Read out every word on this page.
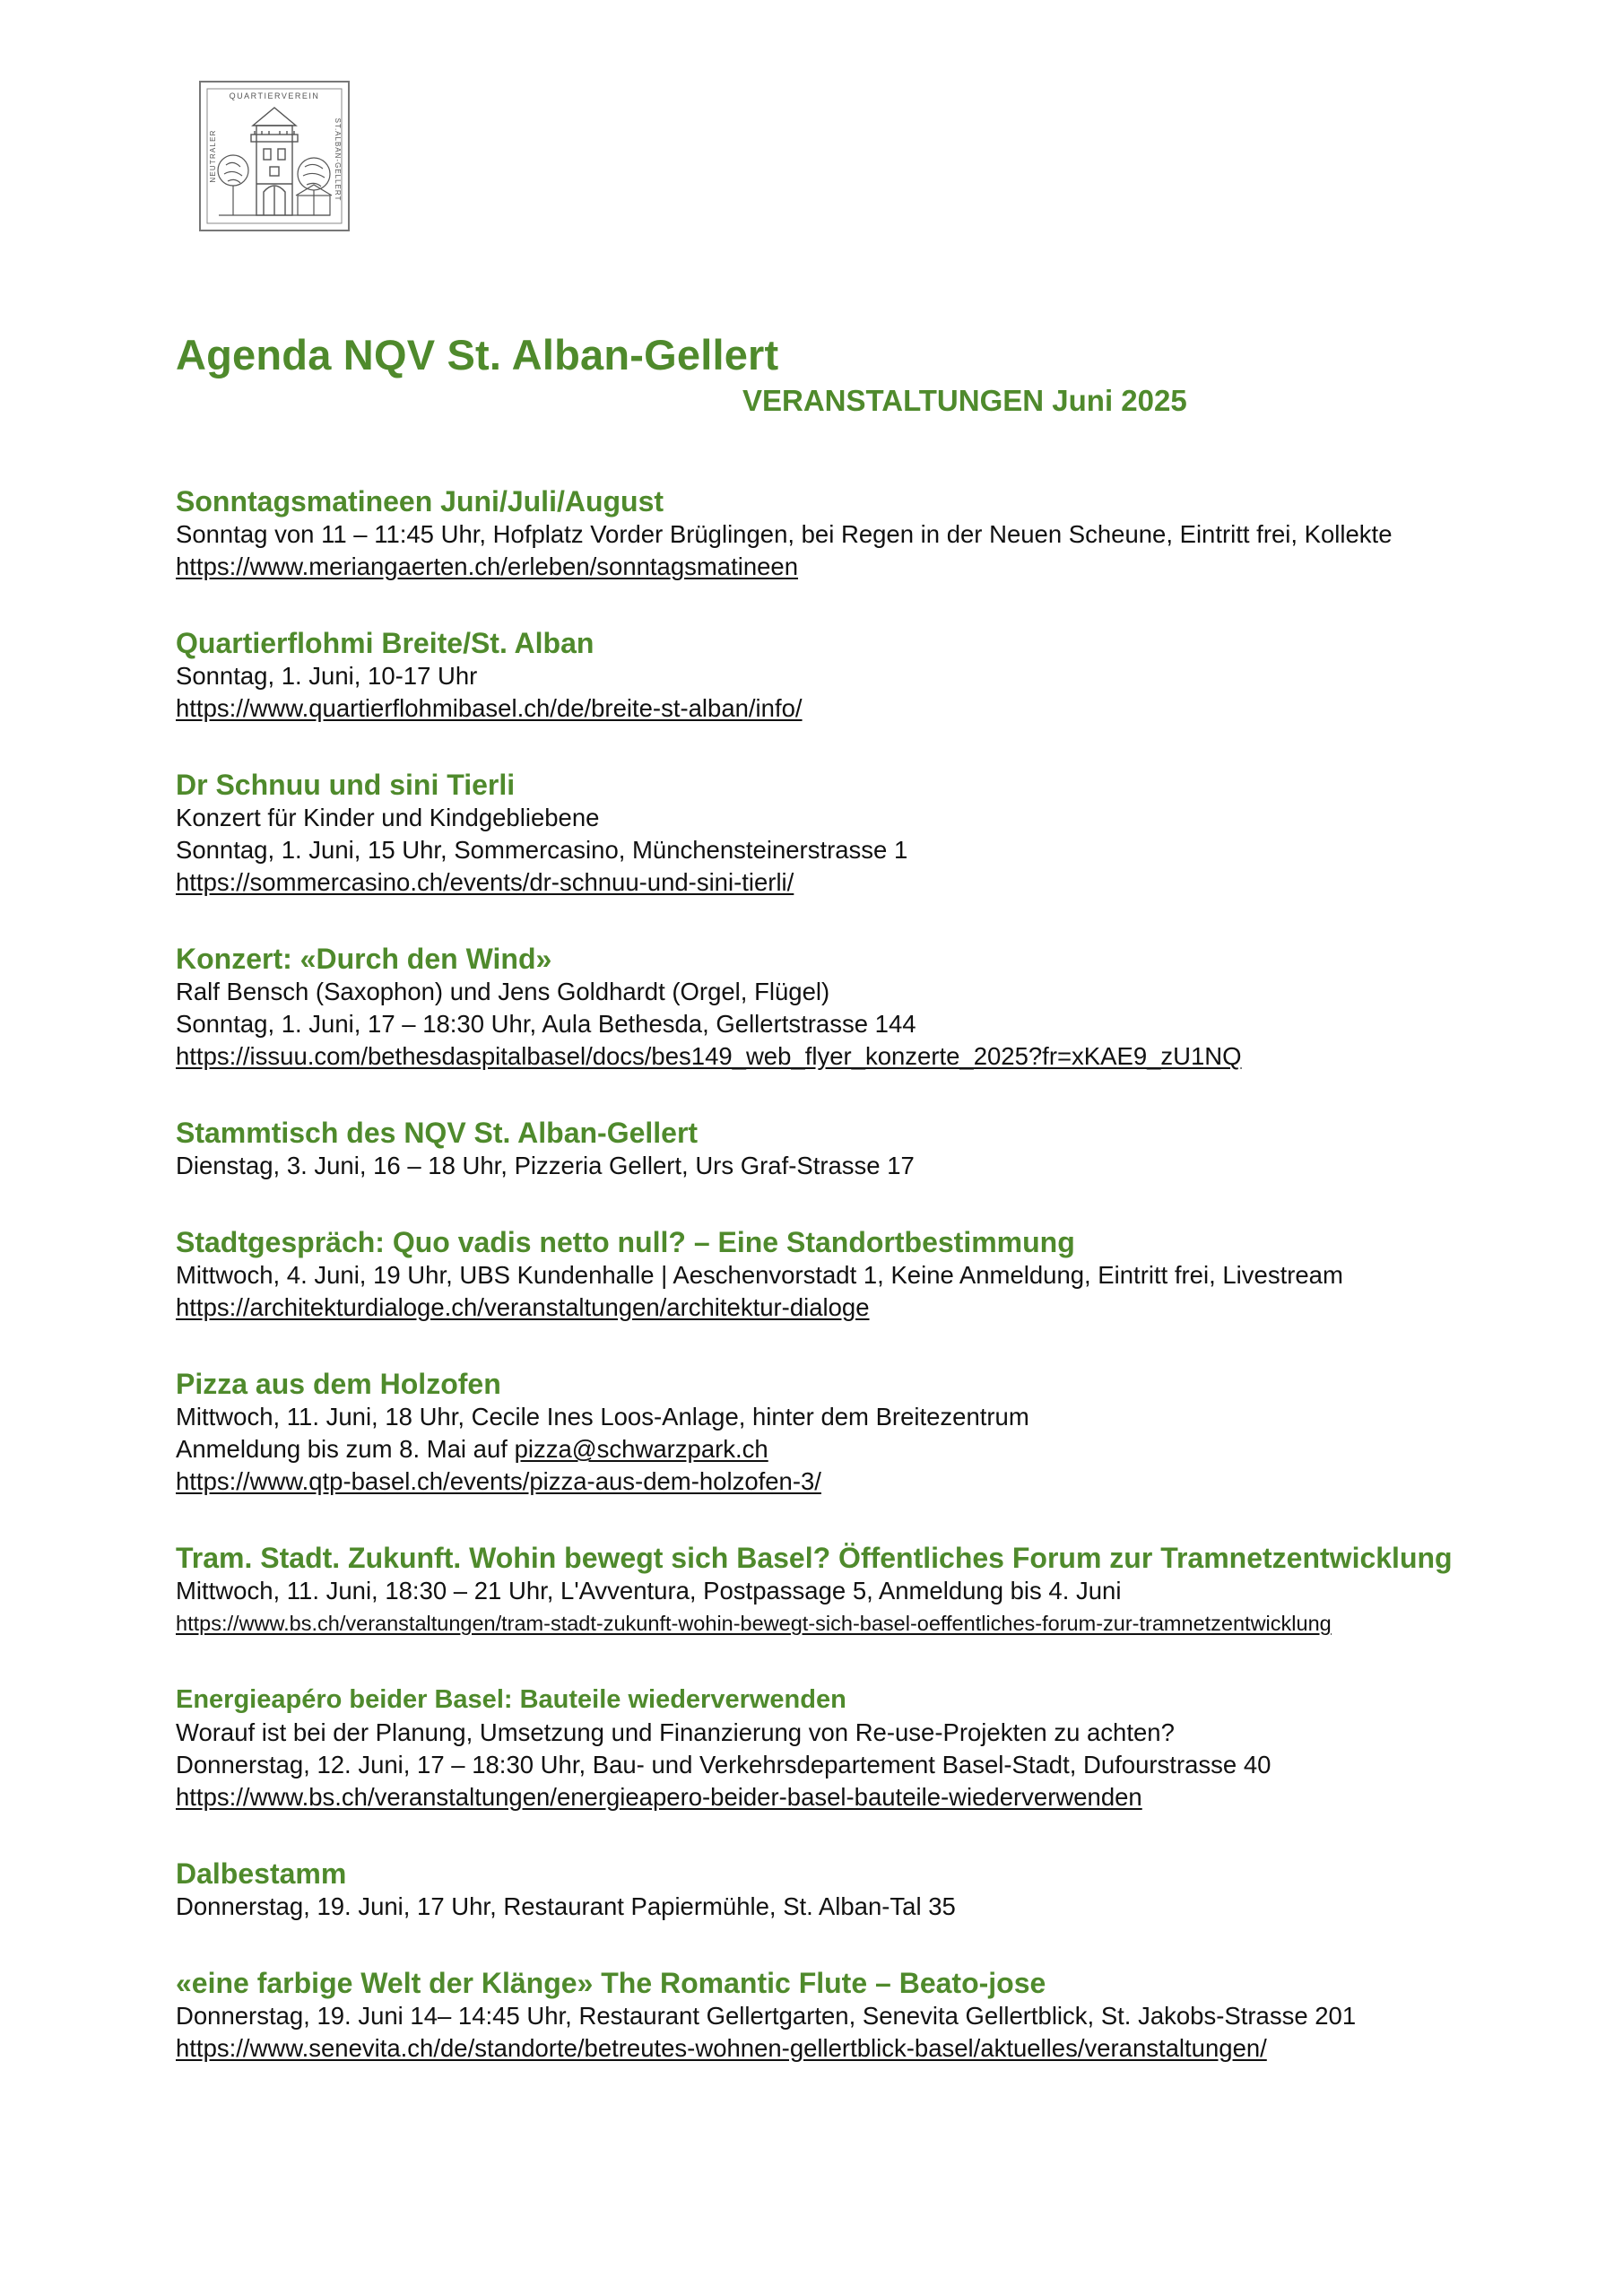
QUARTIERVEREIN
NEUTRALER	ST.ALBAN-GELLERT
Agenda NQV St. Alban-Gellert
VERANSTALTUNGEN Juni 2025
Sonntagsmatineen Juni/Juli/August
Sonntag von 11 – 11:45 Uhr, Hofplatz Vorder Brüglingen, bei Regen in der Neuen Scheune, Eintritt frei, Kollekte
https://www.meriangaerten.ch/erleben/sonntagsmatineen
Quartierflohmi Breite/St. Alban
Sonntag, 1. Juni, 10-17 Uhr
https://www.quartierflohmibasel.ch/de/breite-st-alban/info/
Dr Schnuu und sini Tierli
Konzert für Kinder und Kindgebliebene
Sonntag, 1. Juni, 15 Uhr, Sommercasino, Münchensteinerstrasse 1
https://sommercasino.ch/events/dr-schnuu-und-sini-tierli/
Konzert: «Durch den Wind»
Ralf Bensch (Saxophon) und Jens Goldhardt (Orgel, Flügel)
Sonntag, 1. Juni, 17 – 18:30 Uhr, Aula Bethesda, Gellertstrasse 144
https://issuu.com/bethesdaspitalbasel/docs/bes149_web_flyer_konzerte_2025?fr=xKAE9_zU1NQ
Stammtisch des NQV St. Alban-Gellert
Dienstag, 3. Juni, 16 – 18 Uhr, Pizzeria Gellert, Urs Graf-Strasse 17
Stadtgespräch: Quo vadis netto null? – Eine Standortbestimmung
Mittwoch, 4. Juni, 19 Uhr, UBS Kundenhalle | Aeschenvorstadt 1, Keine Anmeldung, Eintritt frei, Livestream
https://architekturdialoge.ch/veranstaltungen/architektur-dialoge
Pizza aus dem Holzofen
Mittwoch, 11. Juni, 18 Uhr, Cecile Ines Loos-Anlage, hinter dem Breitezentrum
Anmeldung bis zum 8. Mai auf pizza@schwarzpark.ch
https://www.qtp-basel.ch/events/pizza-aus-dem-holzofen-3/
Tram. Stadt. Zukunft. Wohin bewegt sich Basel? Öffentliches Forum zur Tramnetzentwicklung
Mittwoch, 11. Juni, 18:30 – 21 Uhr, L'Avventura, Postpassage 5, Anmeldung bis 4. Juni
https://www.bs.ch/veranstaltungen/tram-stadt-zukunft-wohin-bewegt-sich-basel-oeffentliches-forum-zur-tramnetzentwicklung
Energieapéro beider Basel: Bauteile wiederverwenden
Worauf ist bei der Planung, Umsetzung und Finanzierung von Re-use-Projekten zu achten?
Donnerstag, 12. Juni, 17 – 18:30 Uhr, Bau- und Verkehrsdepartement Basel-Stadt, Dufourstrasse 40
https://www.bs.ch/veranstaltungen/energieapero-beider-basel-bauteile-wiederverwenden
Dalbestamm
Donnerstag, 19. Juni, 17 Uhr, Restaurant Papiermühle, St. Alban-Tal 35
«eine farbige Welt der Klänge» The Romantic Flute – Beato-jose
Donnerstag, 19. Juni 14– 14:45 Uhr, Restaurant Gellertgarten, Senevita Gellertblick, St. Jakobs-Strasse 201
https://www.senevita.ch/de/standorte/betreutes-wohnen-gellertblick-basel/aktuelles/veranstaltungen/
